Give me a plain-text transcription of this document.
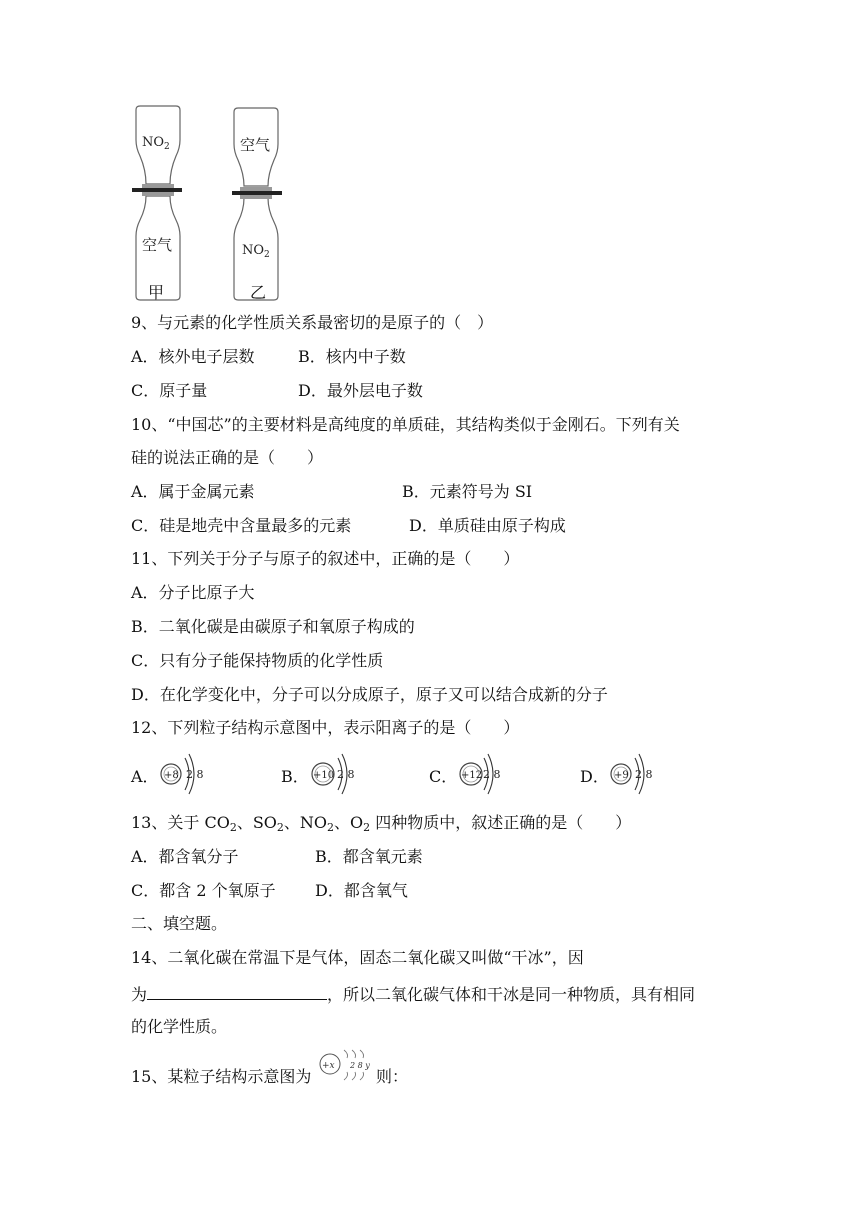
$NO_2$
空气
空气
$NO_2$
甲	乙
9、与元素的化学性质关系最密切的是原子的（　）
A．核外电子层数	B．核内中子数
C．原子量	D．最外层电子数
10、“中国芯”的主要材料是高纯度的单质硅，其结构类似于金刚石。下列有关
硅的说法正确的是（　　）
A．属于金属元素	B．元素符号为 SI
C．硅是地壳中含量最多的元素	D．单质硅由原子构成
11、下列关于分子与原子的叙述中，正确的是（　　）
A．分子比原子大
B．二氧化碳是由碳原子和氧原子构成的
C．只有分子能保持物质的化学性质
D．在化学变化中，分子可以分成原子，原子又可以结合成新的分子
12、下列粒子结构示意图中，表示阳离子的是（　　）
A． +8 2 8	B． +10 2 8	C． +12 2 8	D． +9 2 8
13、关于 $CO_2$、$SO_2$、$NO_2$、$O_2$ 四种物质中，叙述正确的是（　　）
A．都含氧分子	B．都含氧元素
C．都含 2 个氧原子 D．都含氧气
二、填空题。
14、二氧化碳在常温下是气体，固态二氧化碳又叫做“干冰”，因
为	，所以二氧化碳气体和干冰是同一种物质，具有相同
的化学性质。
15、某粒子结构示意图为
+x 2 8 y
则：
